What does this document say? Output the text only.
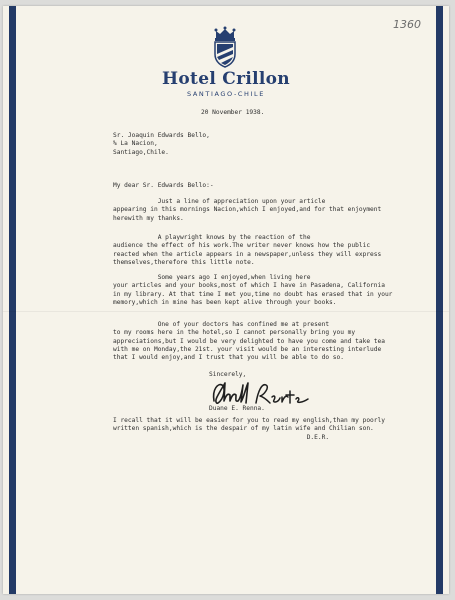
1360
Hotel Crillon
SANTIAGO-CHILE
20 November 1938.
Sr. Joaquin Edwards Bello,
% La Nacion,
Santiago,Chile.
My dear Sr. Edwards Bello:-
Just a line of appreciation upon your article
appearing in this mornings Nacion,which I enjoyed,and for that enjoyment
herewith my thanks.
A playwright knows by the reaction of the
audience the effect of his work.The writer never knows how the public
reacted when the article appears in a newspaper,unless they will express
themselves,therefore this little note.
Some years ago I enjoyed,when living here
your articles and your books,most of which I have in Pasadena, California
in my library. At that time I met you,time no doubt has erased that in your
memory,which in mine has been kept alive through your books.
One of your doctors has confined me at present
to my rooms here in the hotel,so I cannot personally bring you my
appreciations,but I would be very delighted to have you come and take tea
with me on Monday,the 21st. your visit would be an interesting interlude
that I would enjoy,and I trust that you will be able to do so.
Sincerely,
Duane E. Renna.
I recall that it will be easier for you to read my english,than my poorly
written spanish,which is the despair of my latin wife and Chilian son.
D.E.R.
